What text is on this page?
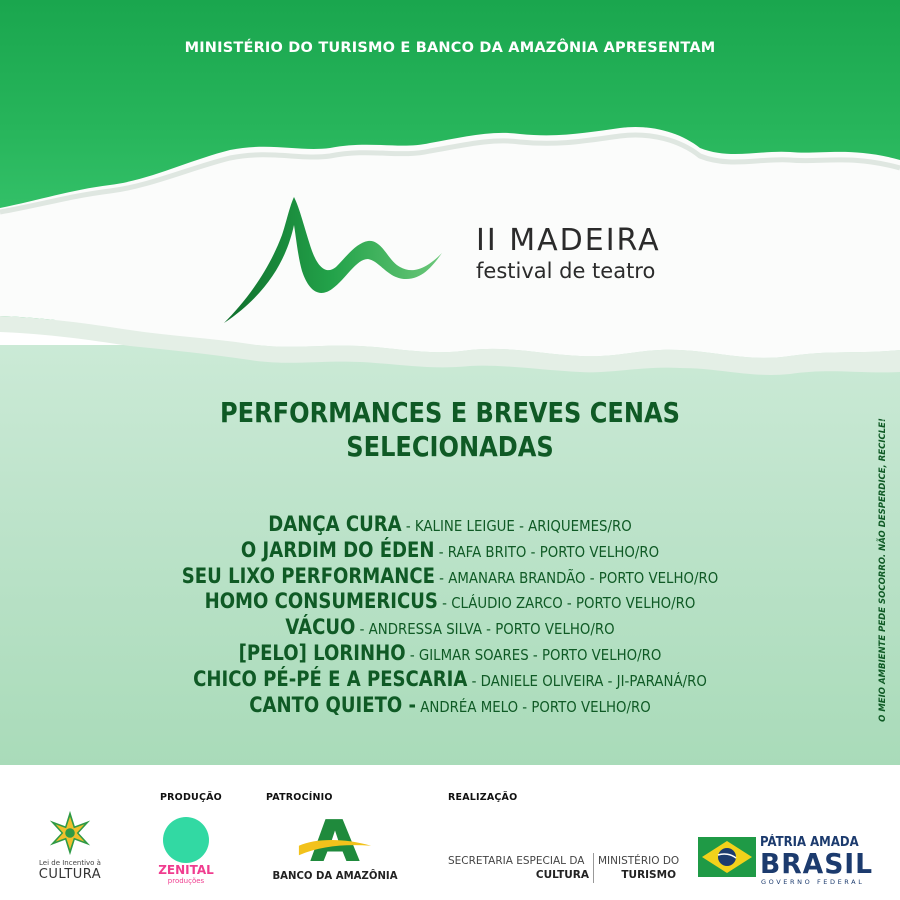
MINISTÉRIO DO TURISMO E BANCO DA AMAZÔNIA APRESENTAM
II MADEIRA
festival de teatro
PERFORMANCES E BREVES CENAS
SELECIONADAS
DANÇA CURA - KALINE LEIGUE - ARIQUEMES/RO
O JARDIM DO ÉDEN - RAFA BRITO - PORTO VELHO/RO
SEU LIXO PERFORMANCE - AMANARA BRANDÃO - PORTO VELHO/RO
HOMO CONSUMERICUS - CLÁUDIO ZARCO - PORTO VELHO/RO
VÁCUO - ANDRESSA SILVA - PORTO VELHO/RO
[PELO] LORINHO - GILMAR SOARES - PORTO VELHO/RO
CHICO PÉ-PÉ E A PESCARIA - DANIELE OLIVEIRA - JI-PARANÁ/RO
CANTO QUIETO - ANDRÉA MELO - PORTO VELHO/RO	O MEIO AMBIENTE PEDE SOCORRO. NÃO DESPERDICE, RECICLE!
PRODUÇÃO	PATROCÍNIO	REALIZAÇÃO
Lei de Incentivo à
CULTURA	ZENITAL
produções	BANCO DA AMAZÔNIA
SECRETARIA ESPECIAL DA
CULTURA
MINISTÉRIO DO
TURISMO
PÁTRIA AMADA
BRASIL
GOVERNO FEDERAL
